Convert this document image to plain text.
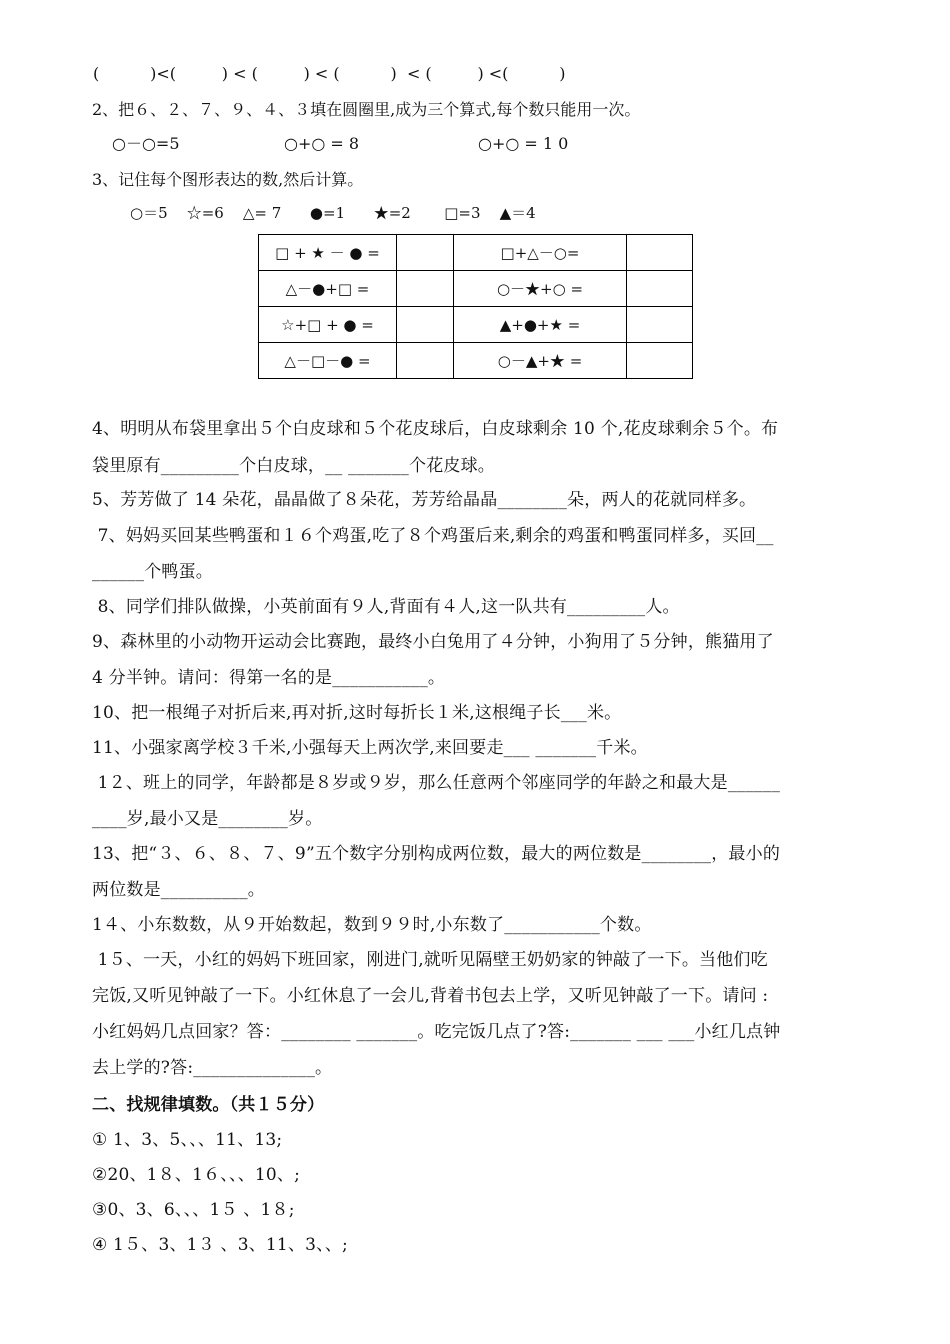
(          )<(         ) < (         ) < (          )  < (         ) <(          )
2、把６、２、７、９、４、３填在圆圈里,成为三个算式,每个数只能用一次。
○－○=5	○+○ = 8	○+○ = 1 0
3、记住每个图形表达的数,然后计算。
○＝5    ☆=6    △= 7      ●=1      ★=2       □=3    ▲＝4
□ + ★ － ● =		□+△－○=	
△－●+□ =		○－★+○ =	
☆+□ + ● =		▲+●+★ =	
△－□－● =		○－▲+★ =	
4、明明从布袋里拿出５个白皮球和５个花皮球后，白皮球剩余 10 个,花皮球剩余５个。布
袋里原有_________个白皮球，__ _______个花皮球。
5、芳芳做了 14 朵花，晶晶做了８朵花，芳芳给晶晶________朵，两人的花就同样多。
7、妈妈买回某些鸭蛋和１６个鸡蛋,吃了８个鸡蛋后来,剩余的鸡蛋和鸭蛋同样多，买回__
______个鸭蛋。
8、同学们排队做操，小英前面有９人,背面有４人,这一队共有_________人。
9、森林里的小动物开运动会比赛跑，最终小白兔用了４分钟，小狗用了５分钟，熊猫用了
4 分半钟。请问：得第一名的是___________。
10、把一根绳子对折后来,再对折,这时每折长１米,这根绳子长___米。
11、小强家离学校３千米,小强每天上两次学,来回要走___ _______千米。
1２、班上的同学，年龄都是８岁或９岁，那么任意两个邻座同学的年龄之和最大是______
____岁,最小又是________岁。
13、把“３、６、８、７、9”五个数字分别构成两位数，最大的两位数是________，最小的
两位数是__________。
1４、小东数数，从９开始数起，数到９９时,小东数了___________个数。
1５、一天，小红的妈妈下班回家，刚进门,就听见隔壁王奶奶家的钟敲了一下。当他们吃
完饭,又听见钟敲了一下。小红休息了一会儿,背着书包去上学，又听见钟敲了一下。请问 :
小红妈妈几点回家？答：________ _______。吃完饭几点了?答:_______ ___ ___小红几点钟
去上学的?答:______________。
二、找规律填数。（共１５分）
① 1、3、5、、、11、13;
②20、1８、1６、、、10、;
③0、3、6、、、1５ 、1８;
④ 1５、3、1３ 、3、11、3、、;
